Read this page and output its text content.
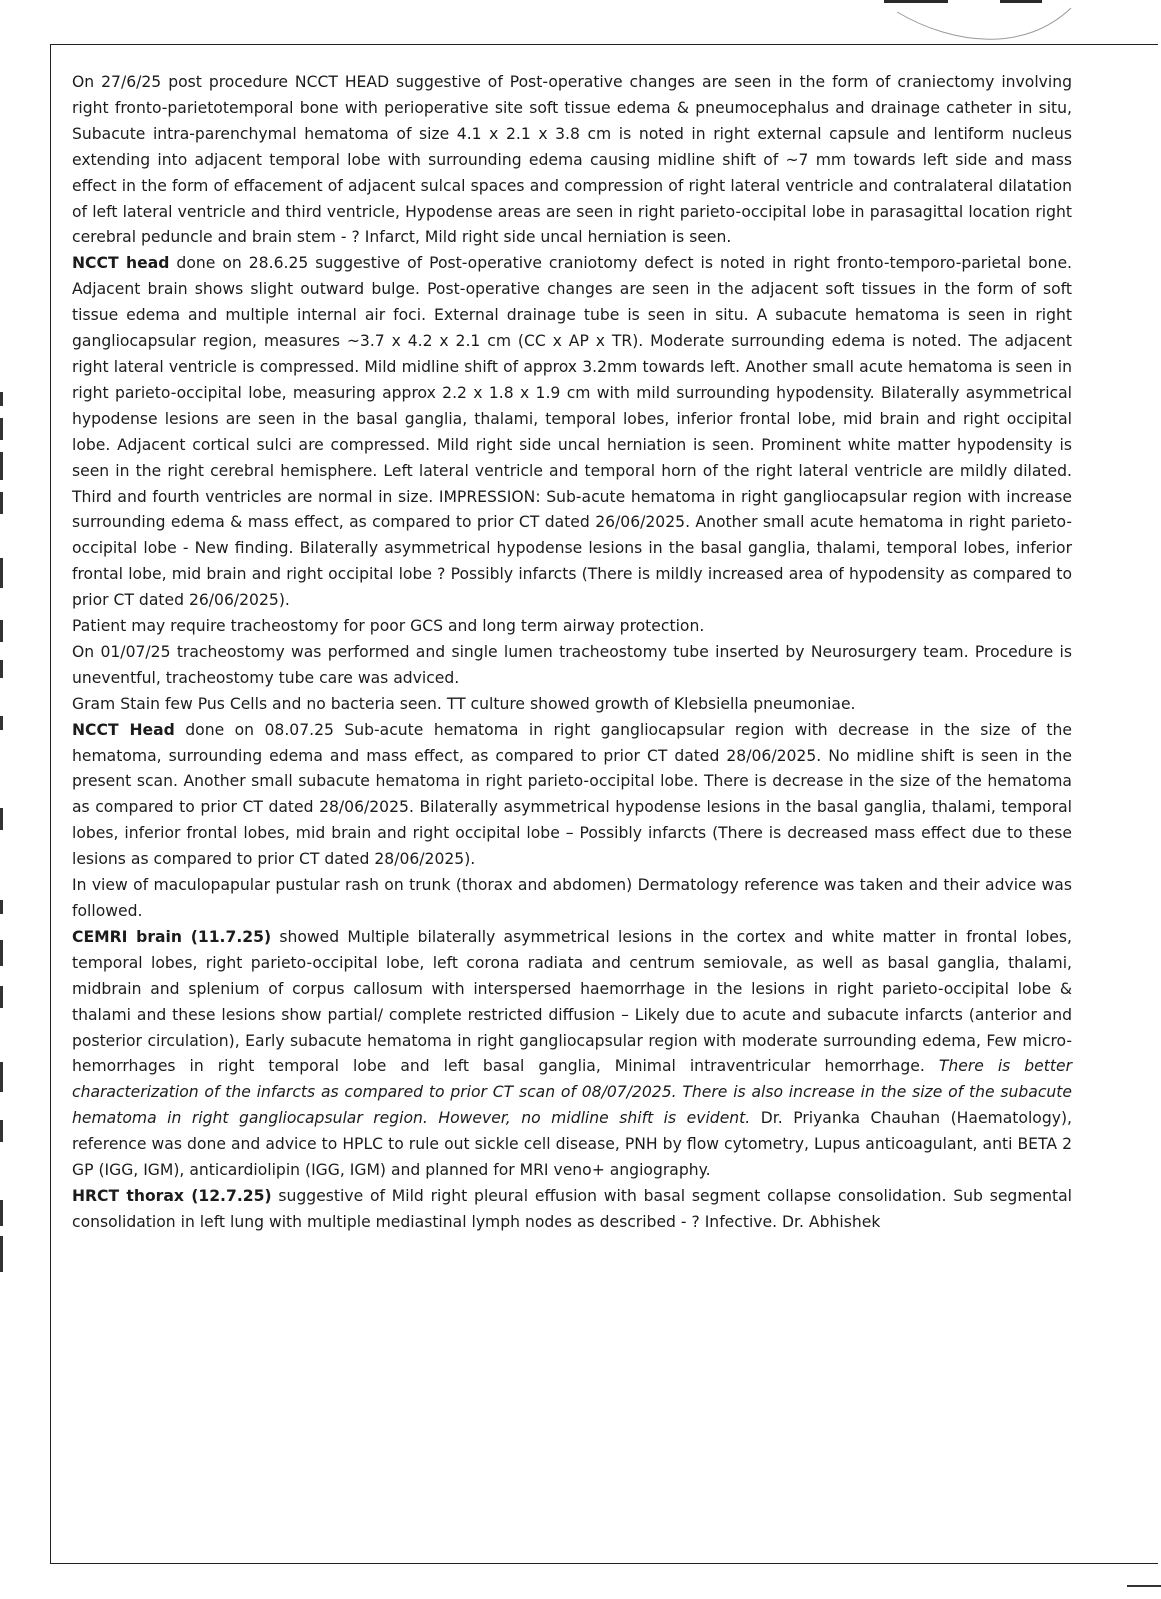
On 27/6/25 post procedure NCCT HEAD suggestive of Post-operative changes are seen in the form of craniectomy involving right fronto-parietotemporal bone with perioperative site soft tissue edema & pneumocephalus and drainage catheter in situ, Subacute intra-parenchymal hematoma of size 4.1 x 2.1 x 3.8 cm is noted in right external capsule and lentiform nucleus extending into adjacent temporal lobe with surrounding edema causing midline shift of ~7 mm towards left side and mass effect in the form of effacement of adjacent sulcal spaces and compression of right lateral ventricle and contralateral dilatation of left lateral ventricle and third ventricle, Hypodense areas are seen in right parieto-occipital lobe in parasagittal location right cerebral peduncle and brain stem - ? Infarct, Mild right side uncal herniation is seen.

NCCT head done on 28.6.25 suggestive of Post-operative craniotomy defect is noted in right fronto-temporo-parietal bone. Adjacent brain shows slight outward bulge. Post-operative changes are seen in the adjacent soft tissues in the form of soft tissue edema and multiple internal air foci. External drainage tube is seen in situ. A subacute hematoma is seen in right gangliocapsular region, measures ~3.7 x 4.2 x 2.1 cm (CC x AP x TR). Moderate surrounding edema is noted. The adjacent right lateral ventricle is compressed. Mild midline shift of approx 3.2mm towards left. Another small acute hematoma is seen in right parieto-occipital lobe, measuring approx 2.2 x 1.8 x 1.9 cm with mild surrounding hypodensity. Bilaterally asymmetrical hypodense lesions are seen in the basal ganglia, thalami, temporal lobes, inferior frontal lobe, mid brain and right occipital lobe. Adjacent cortical sulci are compressed. Mild right side uncal herniation is seen. Prominent white matter hypodensity is seen in the right cerebral hemisphere. Left lateral ventricle and temporal horn of the right lateral ventricle are mildly dilated. Third and fourth ventricles are normal in size. IMPRESSION: Sub-acute hematoma in right gangliocapsular region with increase surrounding edema & mass effect, as compared to prior CT dated 26/06/2025. Another small acute hematoma in right parieto-occipital lobe - New finding. Bilaterally asymmetrical hypodense lesions in the basal ganglia, thalami, temporal lobes, inferior frontal lobe, mid brain and right occipital lobe ? Possibly infarcts (There is mildly increased area of hypodensity as compared to prior CT dated 26/06/2025).

Patient may require tracheostomy for poor GCS and long term airway protection.

On 01/07/25 tracheostomy was performed and single lumen tracheostomy tube inserted by Neurosurgery team. Procedure is uneventful, tracheostomy tube care was adviced.

Gram Stain few Pus Cells and no bacteria seen. TT culture showed growth of Klebsiella pneumoniae.

NCCT Head done on 08.07.25 Sub-acute hematoma in right gangliocapsular region with decrease in the size of the hematoma, surrounding edema and mass effect, as compared to prior CT dated 28/06/2025. No midline shift is seen in the present scan. Another small subacute hematoma in right parieto-occipital lobe. There is decrease in the size of the hematoma as compared to prior CT dated 28/06/2025. Bilaterally asymmetrical hypodense lesions in the basal ganglia, thalami, temporal lobes, inferior frontal lobes, mid brain and right occipital lobe – Possibly infarcts (There is decreased mass effect due to these lesions as compared to prior CT dated 28/06/2025).

In view of maculopapular pustular rash on trunk (thorax and abdomen) Dermatology reference was taken and their advice was followed.

CEMRI brain (11.7.25) showed Multiple bilaterally asymmetrical lesions in the cortex and white matter in frontal lobes, temporal lobes, right parieto-occipital lobe, left corona radiata and centrum semiovale, as well as basal ganglia, thalami, midbrain and splenium of corpus callosum with interspersed haemorrhage in the lesions in right parieto-occipital lobe & thalami and these lesions show partial/ complete restricted diffusion – Likely due to acute and subacute infarcts (anterior and posterior circulation), Early subacute hematoma in right gangliocapsular region with moderate surrounding edema, Few micro-hemorrhages in right temporal lobe and left basal ganglia, Minimal intraventricular hemorrhage. There is better characterization of the infarcts as compared to prior CT scan of 08/07/2025. There is also increase in the size of the subacute hematoma in right gangliocapsular region. However, no midline shift is evident. Dr. Priyanka Chauhan (Haematology), reference was done and advice to HPLC to rule out sickle cell disease, PNH by flow cytometry, Lupus anticoagulant, anti BETA 2 GP (IGG, IGM), anticardiolipin (IGG, IGM) and planned for MRI veno+ angiography.

HRCT thorax (12.7.25) suggestive of Mild right pleural effusion with basal segment collapse consolidation. Sub segmental consolidation in left lung with multiple mediastinal lymph nodes as described - ? Infective. Dr. Abhishek
